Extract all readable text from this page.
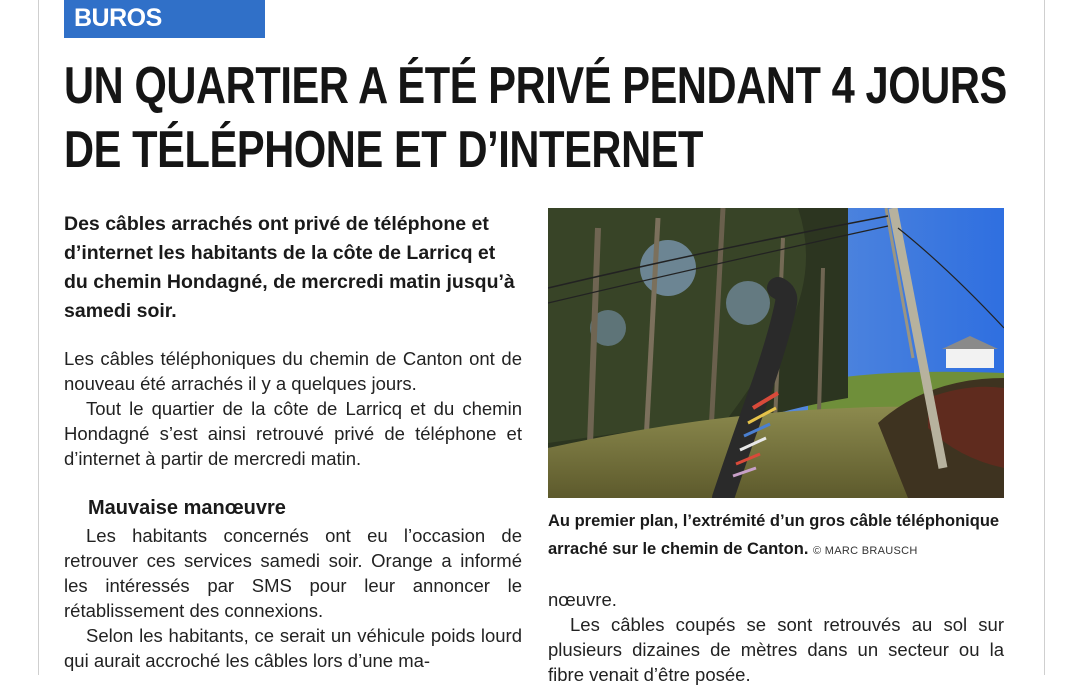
BUROS
UN QUARTIER A ÉTÉ PRIVÉ PENDANT 4 JOURS
DE TÉLÉPHONE ET D’INTERNET

Des câbles arrachés ont privé de téléphone et d’internet les habitants de la côte de Larricq et du chemin Hondagné, de mercredi matin jusqu’à samedi soir.

Les câbles téléphoniques du chemin de Canton ont de nouveau été arrachés il y a quelques jours.

Tout le quartier de la côte de Larricq et du chemin Hondagné s’est ainsi retrouvé privé de téléphone et d’internet à partir de mercredi matin.

Mauvaise manœuvre

Les habitants concernés ont eu l’occasion de retrouver ces services samedi soir. Orange a informé les intéressés par SMS pour leur annoncer le rétablissement des connexions.

Selon les habitants, ce serait un véhicule poids lourd qui aurait accroché les câbles lors d’une ma-

Au premier plan, l’extrémité d’un gros câble téléphonique arraché sur le chemin de Canton. © MARC BRAUSCH

nœuvre.

Les câbles coupés se sont retrouvés au sol sur plusieurs dizaines de mètres dans un secteur ou la fibre venait d’être posée.
